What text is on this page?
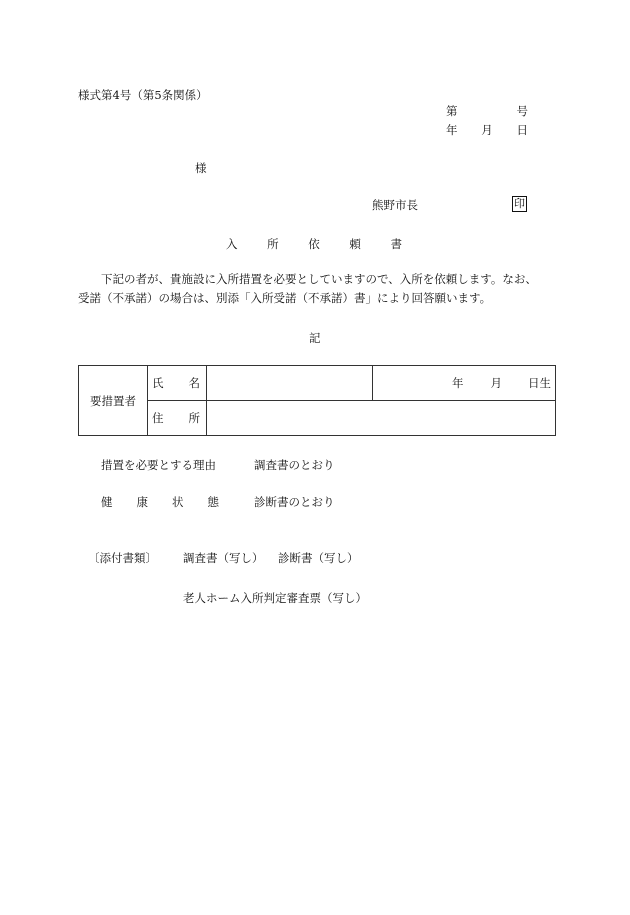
様式第4号（第5条関係）
第	号
年 月 日
様
熊野市長	印
入	所	依	頼	書

下記の者が、貴施設に入所措置を必要としていますので、入所を依頼します。なお、

受諾（不承諾）の場合は、別添「入所受諾（不承諾）書」により回答願います。

記
要措置者	氏 名		年 月 日生

	住 所		

措置を必要とする理由	調査書のとおり
健 康 状 態	診断書のとおり
〔添付書類〕 調査書（写し） 診断書（写し）
老人ホーム入所判定審査票（写し）
